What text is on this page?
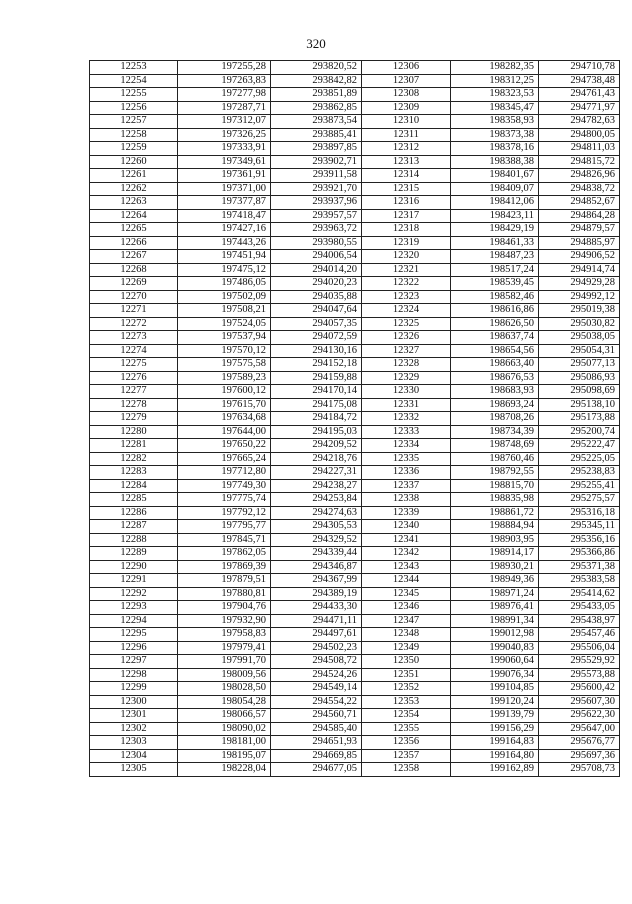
320
12253	197255,28	293820,52	12306	198282,35	294710,78
12254	197263,83	293842,82	12307	198312,25	294738,48
12255	197277,98	293851,89	12308	198323,53	294761,43
12256	197287,71	293862,85	12309	198345,47	294771,97
12257	197312,07	293873,54	12310	198358,93	294782,63
12258	197326,25	293885,41	12311	198373,38	294800,05
12259	197333,91	293897,85	12312	198378,16	294811,03
12260	197349,61	293902,71	12313	198388,38	294815,72
12261	197361,91	293911,58	12314	198401,67	294826,96
12262	197371,00	293921,70	12315	198409,07	294838,72
12263	197377,87	293937,96	12316	198412,06	294852,67
12264	197418,47	293957,57	12317	198423,11	294864,28
12265	197427,16	293963,72	12318	198429,19	294879,57
12266	197443,26	293980,55	12319	198461,33	294885,97
12267	197451,94	294006,54	12320	198487,23	294906,52
12268	197475,12	294014,20	12321	198517,24	294914,74
12269	197486,05	294020,23	12322	198539,45	294929,28
12270	197502,09	294035,88	12323	198582,46	294992,12
12271	197508,21	294047,64	12324	198616,86	295019,38
12272	197524,05	294057,35	12325	198626,50	295030,82
12273	197537,94	294072,59	12326	198637,74	295038,05
12274	197570,12	294130,16	12327	198654,56	295054,31
12275	197575,58	294152,18	12328	198663,40	295077,13
12276	197589,23	294159,88	12329	198676,53	295086,93
12277	197600,12	294170,14	12330	198683,93	295098,69
12278	197615,70	294175,08	12331	198693,24	295138,10
12279	197634,68	294184,72	12332	198708,26	295173,88
12280	197644,00	294195,03	12333	198734,39	295200,74
12281	197650,22	294209,52	12334	198748,69	295222,47
12282	197665,24	294218,76	12335	198760,46	295225,05
12283	197712,80	294227,31	12336	198792,55	295238,83
12284	197749,30	294238,27	12337	198815,70	295255,41
12285	197775,74	294253,84	12338	198835,98	295275,57
12286	197792,12	294274,63	12339	198861,72	295316,18
12287	197795,77	294305,53	12340	198884,94	295345,11
12288	197845,71	294329,52	12341	198903,95	295356,16
12289	197862,05	294339,44	12342	198914,17	295366,86
12290	197869,39	294346,87	12343	198930,21	295371,38
12291	197879,51	294367,99	12344	198949,36	295383,58
12292	197880,81	294389,19	12345	198971,24	295414,62
12293	197904,76	294433,30	12346	198976,41	295433,05
12294	197932,90	294471,11	12347	198991,34	295438,97
12295	197958,83	294497,61	12348	199012,98	295457,46
12296	197979,41	294502,23	12349	199040,83	295506,04
12297	197991,70	294508,72	12350	199060,64	295529,92
12298	198009,56	294524,26	12351	199076,34	295573,88
12299	198028,50	294549,14	12352	199104,85	295600,42
12300	198054,28	294554,22	12353	199120,24	295607,30
12301	198066,57	294560,71	12354	199139,79	295622,30
12302	198090,02	294585,40	12355	199156,29	295647,00
12303	198181,00	294651,93	12356	199164,83	295676,77
12304	198195,07	294669,85	12357	199164,80	295697,36
12305	198228,04	294677,05	12358	199162,89	295708,73
